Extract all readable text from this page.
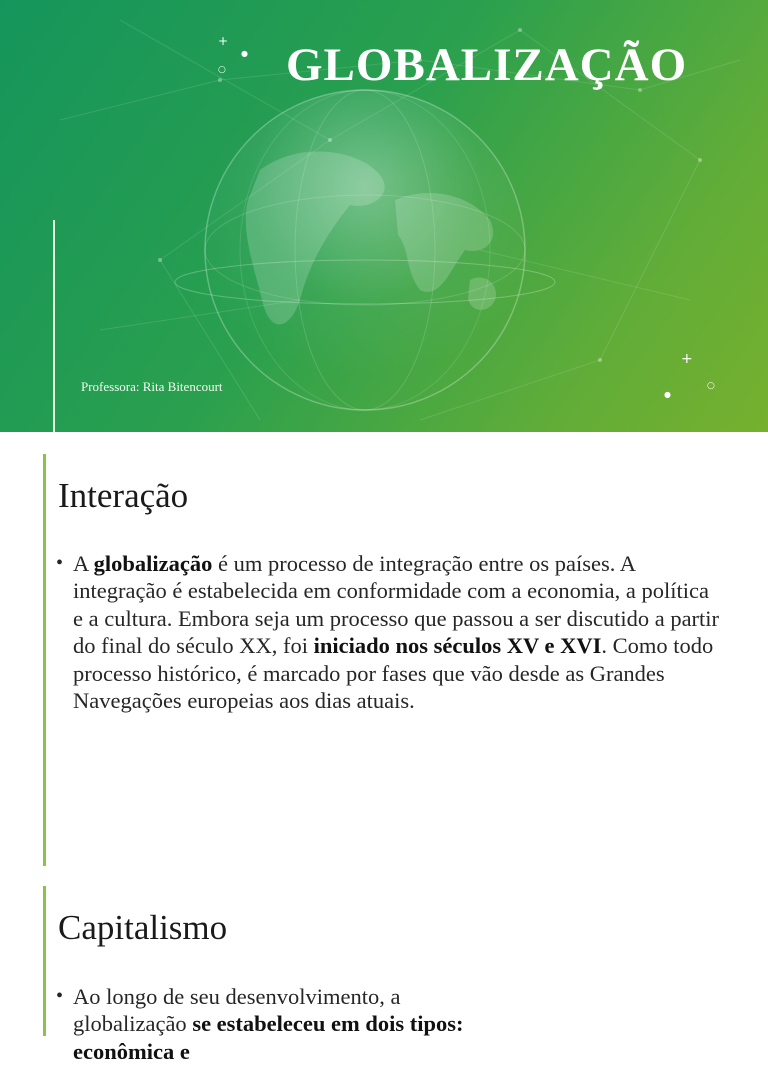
GLOBALIZAÇÃO
Professora: Rita Bitencourt
+
○
●
+
○
●
Interação
• A globalização é um processo de integração entre os países. A integração é estabelecida em conformidade com a economia, a política e a cultura. Embora seja um processo que passou a ser discutido a partir do final do século XX, foi iniciado nos séculos XV e XVI. Como todo processo histórico, é marcado por fases que vão desde as Grandes Navegações europeias aos dias atuais.
Capitalismo
• Ao longo de seu desenvolvimento, a globalização se estabeleceu em dois tipos: econômica e
